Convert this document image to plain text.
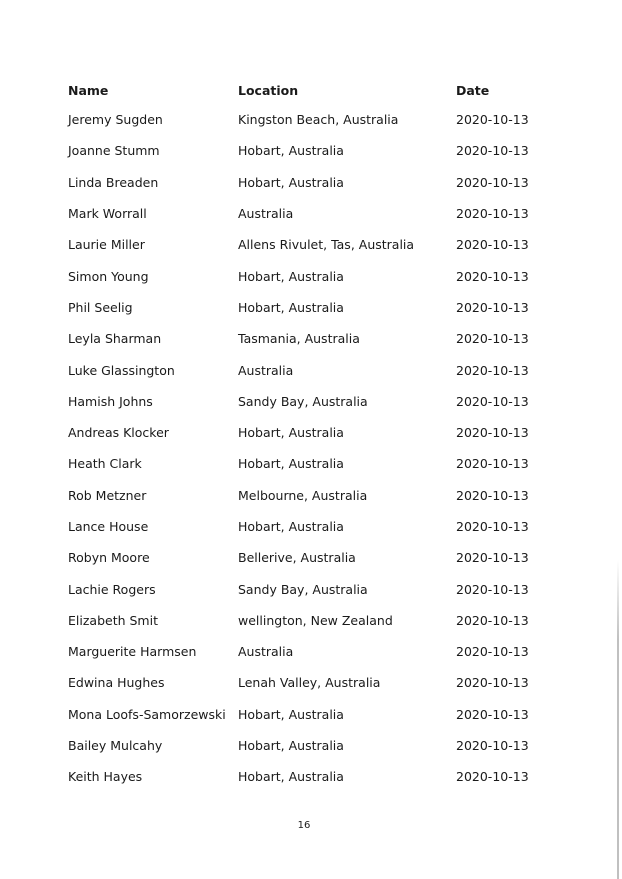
Name	Location	Date
Jeremy Sugden	Kingston Beach, Australia	2020-10-13
Joanne Stumm	Hobart, Australia	2020-10-13
Linda Breaden	Hobart, Australia	2020-10-13
Mark Worrall	Australia	2020-10-13
Laurie Miller	Allens Rivulet, Tas, Australia	2020-10-13
Simon Young	Hobart, Australia	2020-10-13
Phil Seelig	Hobart, Australia	2020-10-13
Leyla Sharman	Tasmania, Australia	2020-10-13
Luke Glassington	Australia	2020-10-13
Hamish Johns	Sandy Bay, Australia	2020-10-13
Andreas Klocker	Hobart, Australia	2020-10-13
Heath Clark	Hobart, Australia	2020-10-13
Rob Metzner	Melbourne, Australia	2020-10-13
Lance House	Hobart, Australia	2020-10-13
Robyn Moore	Bellerive, Australia	2020-10-13
Lachie Rogers	Sandy Bay, Australia	2020-10-13
Elizabeth Smit	wellington, New Zealand	2020-10-13
Marguerite Harmsen	Australia	2020-10-13
Edwina Hughes	Lenah Valley, Australia	2020-10-13
Mona Loofs-Samorzewski	Hobart, Australia	2020-10-13
Bailey Mulcahy	Hobart, Australia	2020-10-13
Keith Hayes	Hobart, Australia	2020-10-13
16
